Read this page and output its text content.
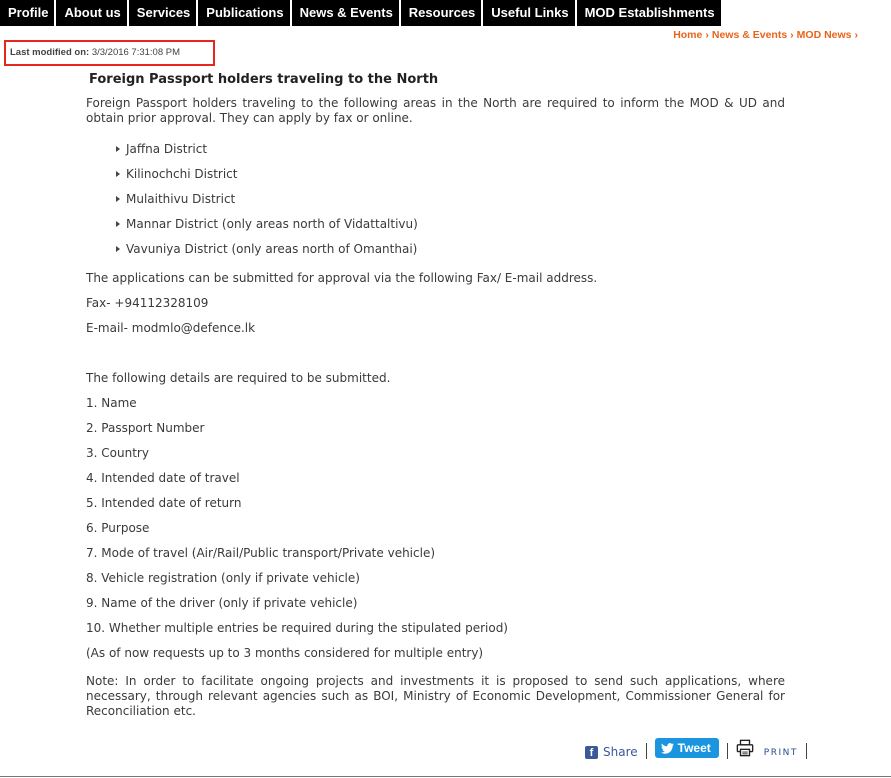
Profile	About us	Services	Publications	News & Events	Resources	Useful Links	MOD Establishments
Home › News & Events › MOD News ›
Last modified on: 3/3/2016 7:31:08 PM
Foreign Passport holders traveling to the North
Foreign Passport holders traveling to the following areas in the North are required to inform the MOD & UD and obtain prior approval. They can apply by fax or online.
Jaffna District
Kilinochchi District
Mulaithivu District
Mannar District (only areas north of Vidattaltivu)
Vavuniya District (only areas north of Omanthai)
The applications can be submitted for approval via the following Fax/ E-mail address.
Fax- +94112328109
E-mail- modmlo@defence.lk
The following details are required to be submitted.
1. Name
2. Passport Number
3. Country
4. Intended date of travel
5. Intended date of return
6. Purpose
7. Mode of travel (Air/Rail/Public transport/Private vehicle)
8. Vehicle registration (only if private vehicle)
9. Name of the driver (only if private vehicle)
10. Whether multiple entries be required during the stipulated period)
(As of now requests up to 3 months considered for multiple entry)
Note: In order to facilitate ongoing projects and investments it is proposed to send such applications, where necessary, through relevant agencies such as BOI, Ministry of Economic Development, Commissioner General for Reconciliation etc.
f Share	Tweet	PRINT
